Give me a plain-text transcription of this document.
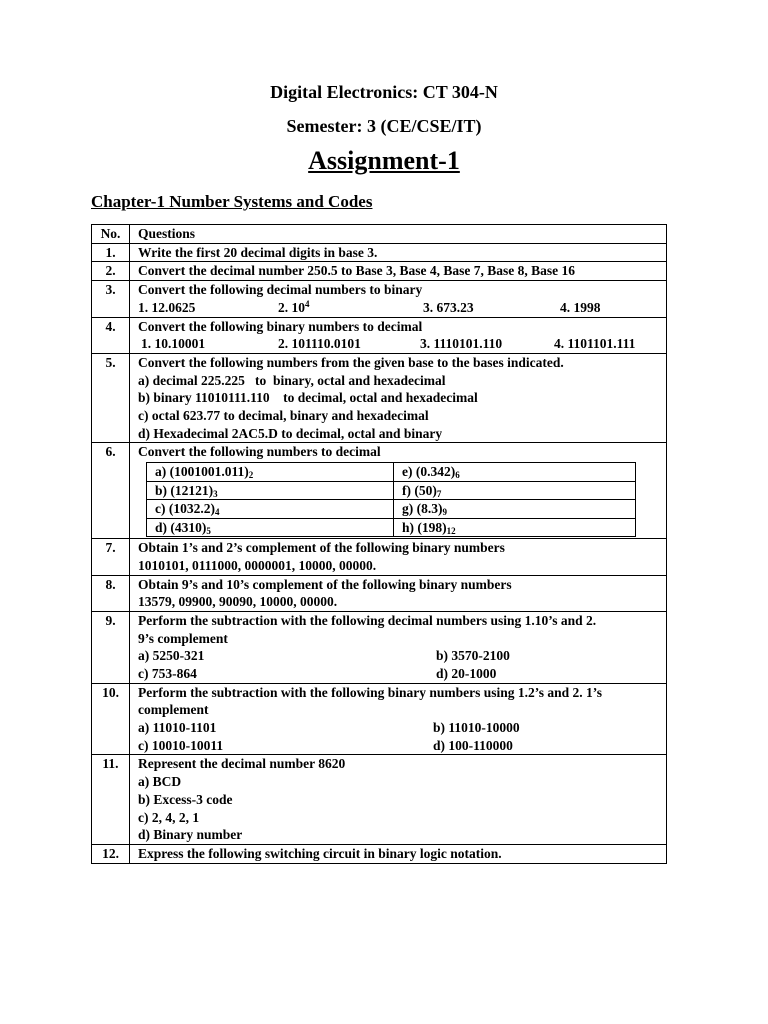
Digital Electronics: CT 304-N
Semester: 3 (CE/CSE/IT)
Assignment-1
Chapter-1 Number Systems and Codes
No.	Questions
1.	Write the first 20 decimal digits in base 3.
2.	Convert the decimal number 250.5 to Base 3, Base 4, Base 7, Base 8, Base 16
3.	Convert the following decimal numbers to binary
1. 12.0625	2. $10^4$	3. 673.23	4. 1998

4.	Convert the following binary numbers to decimal
1. 10.10001	2. 101110.0101	3. 1110101.110	4. 1101101.111

5.	Convert the following numbers from the given base to the bases indicated.
a) decimal 225.225   to  binary, octal and hexadecimal
b) binary 11010111.110    to decimal, octal and hexadecimal
c) octal 623.77 to decimal, binary and hexadecimal
d) Hexadecimal 2AC5.D to decimal, octal and binary

6.	Convert the following numbers to decimal
a) $(1001001.011)_2$	e) $(0.342)_6$
b) $(12121)_3$	f) $(50)_7$
c) $(1032.2)_4$	g) $(8.3)_9$
d) $(4310)_5$	h) $(198)_{12}$

7.	Obtain 1’s and 2’s complement of the following binary numbers
1010101, 0111000, 0000001, 10000, 00000.

8.	Obtain 9’s and 10’s complement of the following binary numbers
13579, 09900, 90090, 10000, 00000.

9.	Perform the subtraction with the following decimal numbers using 1.10’s and 2.
9’s complement
a) 5250-321	b) 3570-2100
c) 753-864	d) 20-1000

10.	Perform the subtraction with the following binary numbers using 1.2’s and 2. 1’s
complement
a) 11010-1101	b) 11010-10000
c) 10010-10011	d) 100-110000

11.	Represent the decimal number 8620
a) BCD
b) Excess-3 code
c) 2, 4, 2, 1
d) Binary number

12.	Express the following switching circuit in binary logic notation.
